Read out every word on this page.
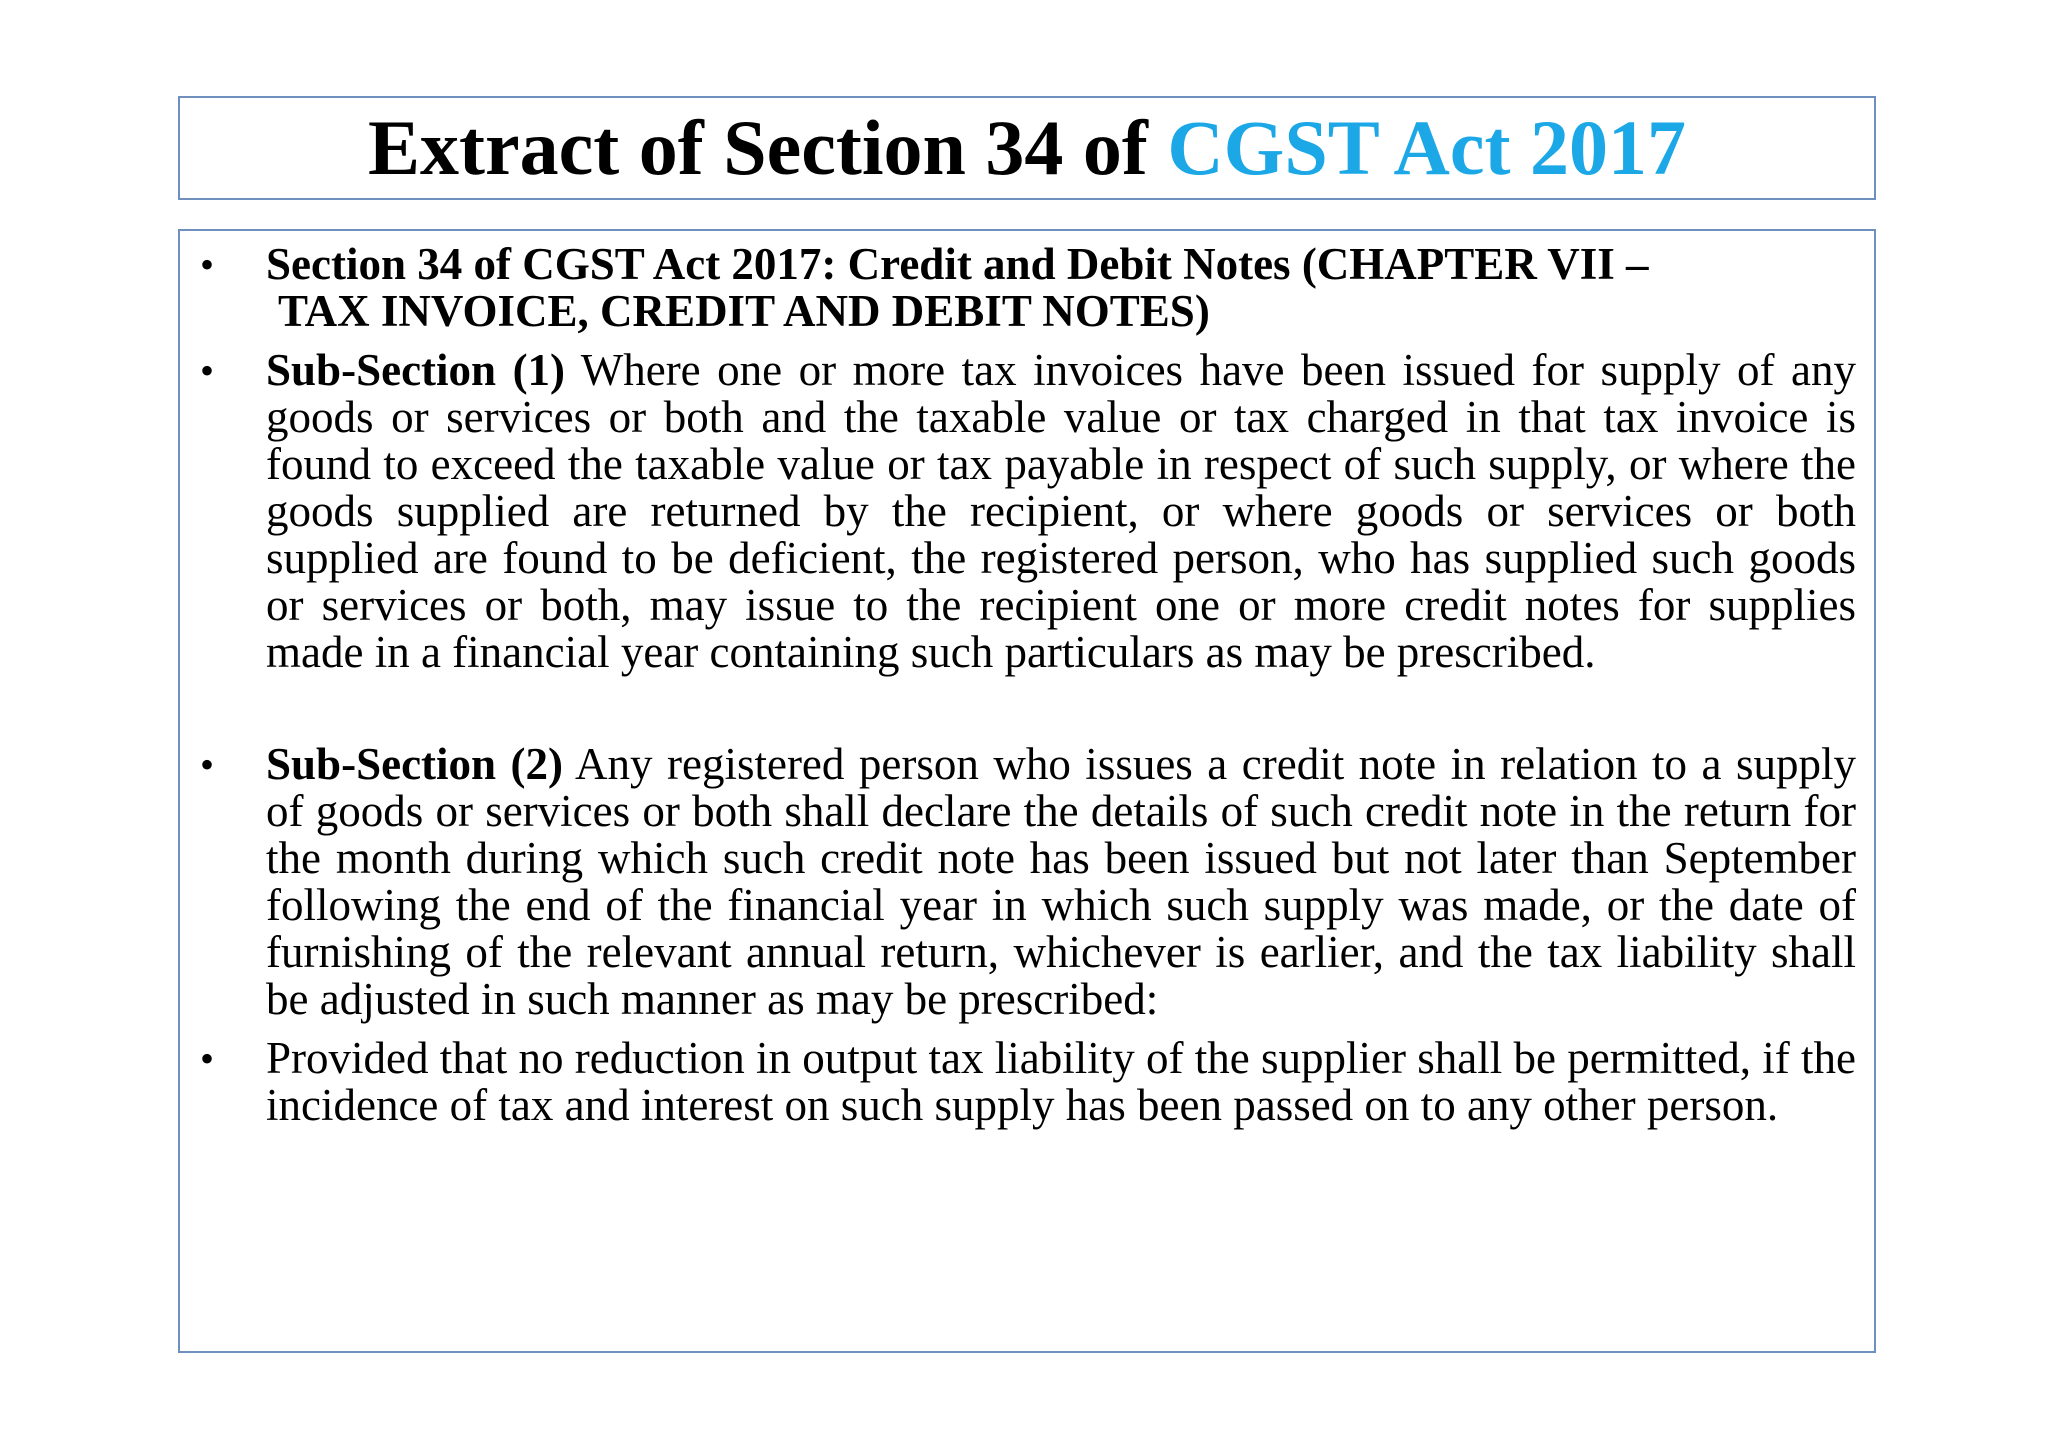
Extract of Section 34 of CGST Act 2017
• Section 34 of CGST Act 2017: Credit and Debit Notes (CHAPTER VII –
TAX INVOICE, CREDIT AND DEBIT NOTES)
• Sub-Section (1) Where one or more tax invoices have been issued for supply of any goods or services or both and the taxable value or tax charged in that tax invoice is found to exceed the taxable value or tax payable in respect of such supply, or where the goods supplied are returned by the recipient, or where goods or services or both supplied are found to be deficient, the registered person, who has supplied such goods or services or both, may issue to the recipient one or more credit notes for supplies made in a financial year containing such particulars as may be prescribed.
• Sub-Section (2) Any registered person who issues a credit note in relation to a supply of goods or services or both shall declare the details of such credit note in the return for the month during which such credit note has been issued but not later than September following the end of the financial year in which such supply was made, or the date of furnishing of the relevant annual return, whichever is earlier, and the tax liability shall be adjusted in such manner as may be prescribed:
• Provided that no reduction in output tax liability of the supplier shall be permitted, if the incidence of tax and interest on such supply has been passed on to any other person.
